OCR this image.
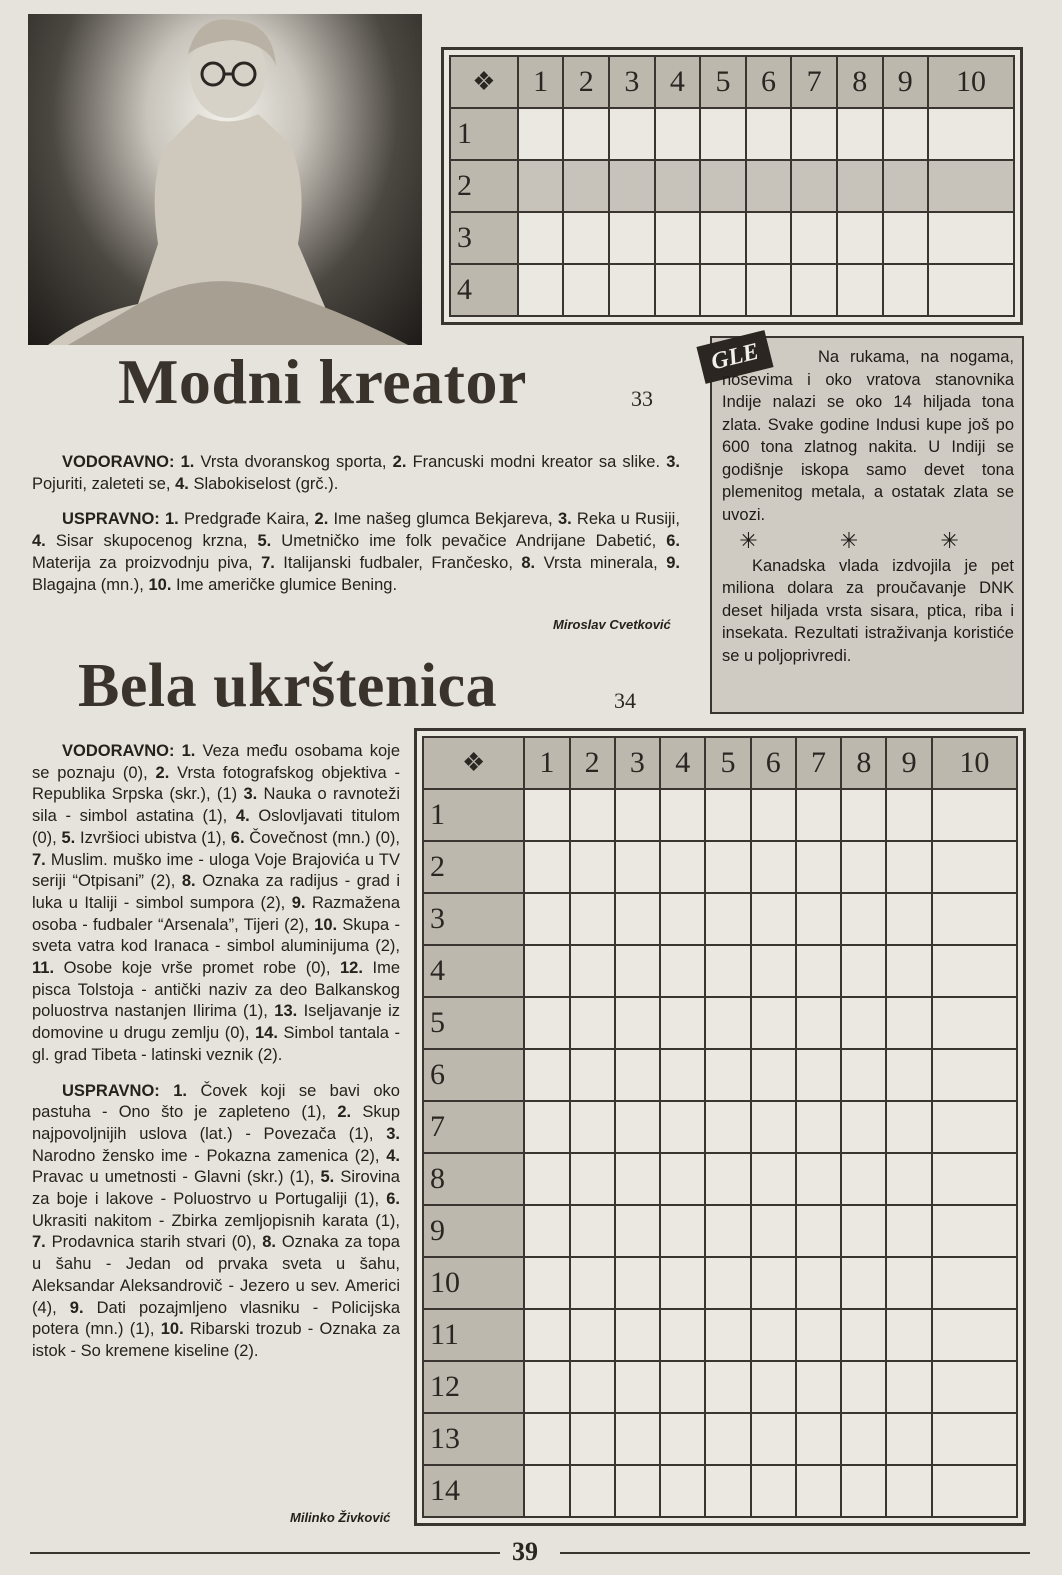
❖	1	2	3	4	5	6	7	8	9	10
1										
2										
3										
4										
Modni kreator	33

VODORAVNO: 1. Vrsta dvoranskog sporta, 2. Francuski modni kreator sa slike. 3. Pojuriti, zaleteti se, 4. Slabokiselost (grč.).

USPRAVNO: 1. Predgrađe Kaira, 2. Ime našeg glumca Bekjareva, 3. Reka u Rusiji, 4. Sisar skupocenog krzna, 5. Umetničko ime folk pevačice Andrijane Dabetić, 6. Materija za proizvodnju piva, 7. Italijanski fudbaler, Frančesko, 8. Vrsta minerala, 9. Blagajna (mn.), 10. Ime američke glumice Bening.

Miroslav Cvetković
GLE	Na rukama, na nogama, nosevima i oko vratova stanovnika Indije nalazi se oko 14 hiljada tona zlata. Svake godine Indusi kupe još po 600 tona zlatnog nakita. U Indiji se godišnje iskopa samo devet tona plemenitog metala, a ostatak zlata se uvozi.

✳ ✳ ✳

Kanadska vlada izdvojila je pet miliona dolara za proučavanje DNK deset hiljada vrsta sisara, ptica, riba i insekata. Rezultati istraživanja koristiće se u poljoprivredi.

Bela ukrštenica	34

VODORAVNO: 1. Veza među osobama koje se poznaju (0), 2. Vrsta fotografskog objektiva - Republika Srpska (skr.), (1) 3. Nauka o ravnoteži sila - simbol astatina (1), 4. Oslovljavati titulom (0), 5. Izvršioci ubistva (1), 6. Čovečnost (mn.) (0), 7. Muslim. muško ime - uloga Voje Brajovića u TV seriji “Otpisani” (2), 8. Oznaka za radijus - grad i luka u Italiji - simbol sumpora (2), 9. Razmažena osoba - fudbaler “Arsenala”, Tijeri (2), 10. Skupa - sveta vatra kod Iranaca - simbol aluminijuma (2), 11. Osobe koje vrše promet robe (0), 12. Ime pisca Tolstoja - antički naziv za deo Balkanskog poluostrva nastanjen Ilirima (1), 13. Iseljavanje iz domovine u drugu zemlju (0), 14. Simbol tantala - gl. grad Tibeta - latinski veznik (2).

USPRAVNO: 1. Čovek koji se bavi oko pastuha - Ono što je zapleteno (1), 2. Skup najpovoljnijih uslova (lat.) - Povezača (1), 3. Narodno žensko ime - Pokazna zamenica (2), 4. Pravac u umetnosti - Glavni (skr.) (1), 5. Sirovina za boje i lakove - Poluostrvo u Portugaliji (1), 6. Ukrasiti nakitom - Zbirka zemljopisnih karata (1), 7. Prodavnica starih stvari (0), 8. Oznaka za topa u šahu - Jedan od prvaka sveta u šahu, Aleksandar Aleksandrovič - Jezero u sev. Americi (4), 9. Dati pozajmljeno vlasniku - Policijska potera (mn.) (1), 10. Ribarski trozub - Oznaka za istok - So kremene kiseline (2).

Milinko Živković
❖	1	2	3	4	5	6	7	8	9	10
1										
2										
3										
4										
5										
6										
7										
8										
9										
10										
11										
12										
13										
14										
39
